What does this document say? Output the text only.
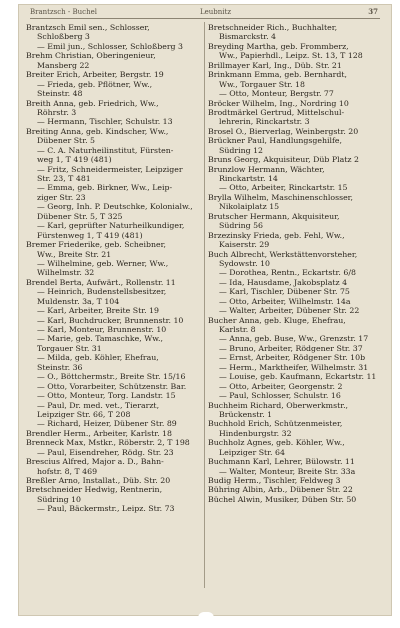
Brantzsch - Buchel	Leubnitz	37
Brantzsch Emil sen., Schlosser,
Schloßberg 3
— Emil jun., Schlosser, Schloßberg 3
Brehm Christian, Oberingenieur,
Mansberg 22
Breiter Erich, Arbeiter, Bergstr. 19
— Frieda, geb. Pflötner, Ww.,
Steinstr. 48
Breith Anna, geb. Friedrich, Ww.,
Röhrstr. 3
— Hermann, Tischler, Schulstr. 13
Breiting Anna, geb. Kindscher, Ww.,
Dübener Str. 5
— C. A. Naturheilinstitut, Fürsten-
weg 1, T 419 (481)
— Fritz, Schneidermeister, Leipziger
Str. 23, T 481
— Emma, geb. Birkner, Ww., Leip-
ziger Str. 23
— Georg, Inh. P. Deutschke, Kolonialw.,
Dübener Str. 5, T 325
— Karl, geprüfter Naturheilkundiger,
Fürstenweg 1, T 419 (481)
Bremer Friederike, geb. Scheibner,
Ww., Breite Str. 21
— Wilhelmine, geb. Werner, Ww.,
Wilhelmstr. 32
Brendel Berta, Aufwärt., Rollenstr. 11
— Heinrich, Budenstellsbesitzer,
Muldenstr. 3a, T 104
— Karl, Arbeiter, Breite Str. 19
— Karl, Buchdrucker, Brunnenstr. 10
— Karl, Monteur, Brunnenstr. 10
— Marie, geb. Tamaschke, Ww.,
Torgauer Str. 31
— Milda, geb. Köhler, Ehefrau,
Steinstr. 36
— O., Böttchermstr., Breite Str. 15/16
— Otto, Vorarbeiter, Schützenstr. Bar.
— Otto, Monteur, Torg. Landstr. 15
— Paul, Dr. med. vet., Tierarzt,
Leipziger Str. 66, T 208
— Richard, Heizer, Dübener Str. 89
Brendler Herm., Arbeiter, Karlstr. 18
Brenneck Max, Mstkr., Röberstr. 2, T 198
— Paul, Eisendreher, Rödg. Str. 23
Brescius Alfred, Major a. D., Bahn-
hofstr. 8, T 469
Breßler Arno, Installat., Düb. Str. 20
Bretschneider Hedwig, Rentnerin,
Südring 10
— Paul, Bäckermstr., Leipz. Str. 73
Bretschneider Rich., Buchhalter,
Bismarckstr. 4
Breyding Martha, geb. Frommberz,
Ww., Papierhdl., Leipz. St. 13, T 128
Brillmayer Karl, Ing., Düb. Str. 21
Brinkmann Emma, geb. Bernhardt,
Ww., Torgauer Str. 18
— Otto, Monteur, Bergstr. 77
Bröcker Wilhelm, Ing., Nordring 10
Brodtmärkel Gertrud, Mittelschul-
lehrerin, Rinckartstr. 3
Brosel O., Bierverlag, Weinbergstr. 20
Brückner Paul, Handlungsgehilfe,
Südring 12
Bruns Georg, Akquisiteur, Düb Platz 2
Brunzlow Hermann, Wächter,
Rinckartstr. 14
— Otto, Arbeiter, Rinckartstr. 15
Brylla Wilhelm, Maschinenschlosser,
Nikolaiplatz 15
Brutscher Hermann, Akquisiteur,
Südring 56
Brzezinsky Frieda, geb. Fehl, Ww.,
Kaiserstr. 29
Buch Albrecht, Werkstättenvorsteher,
Sydowstr. 10
— Dorothea, Rentn., Eckartstr. 6/8
— Ida, Hausdame, Jakobsplatz 4
— Karl, Tischler, Dübener Str. 75
— Otto, Arbeiter, Wilhelmstr. 14a
— Walter, Arbeiter, Dübener Str. 22
Bucher Anna, geb. Kluge, Ehefrau,
Karlstr. 8
— Anna, geb. Buse, Ww., Grenzstr. 17
— Bruno, Arbeiter, Rödgener Str. 37
— Ernst, Arbeiter, Rödgener Str. 10b
— Herm., Marktheifer, Wilhelmstr. 31
— Louise, geb. Kaufmann, Eckartstr. 11
— Otto, Arbeiter, Georgenstr. 2
— Paul, Schlosser, Schulstr. 16
Buchheim Richard, Oberwerkmstr.,
Brückenstr. 1
Buchhold Erich, Schützenmeister,
Hindenburgstr. 32
Buchholz Agnes, geb. Köhler, Ww.,
Leipziger Str. 64
Buchmann Karl, Lehrer, Bülowstr. 11
— Walter, Monteur, Breite Str. 33a
Budig Herm., Tischler, Feldweg 3
Bühring Albin, Arb., Dübener Str. 22
Büchel Alwin, Musiker, Düben Str. 50
